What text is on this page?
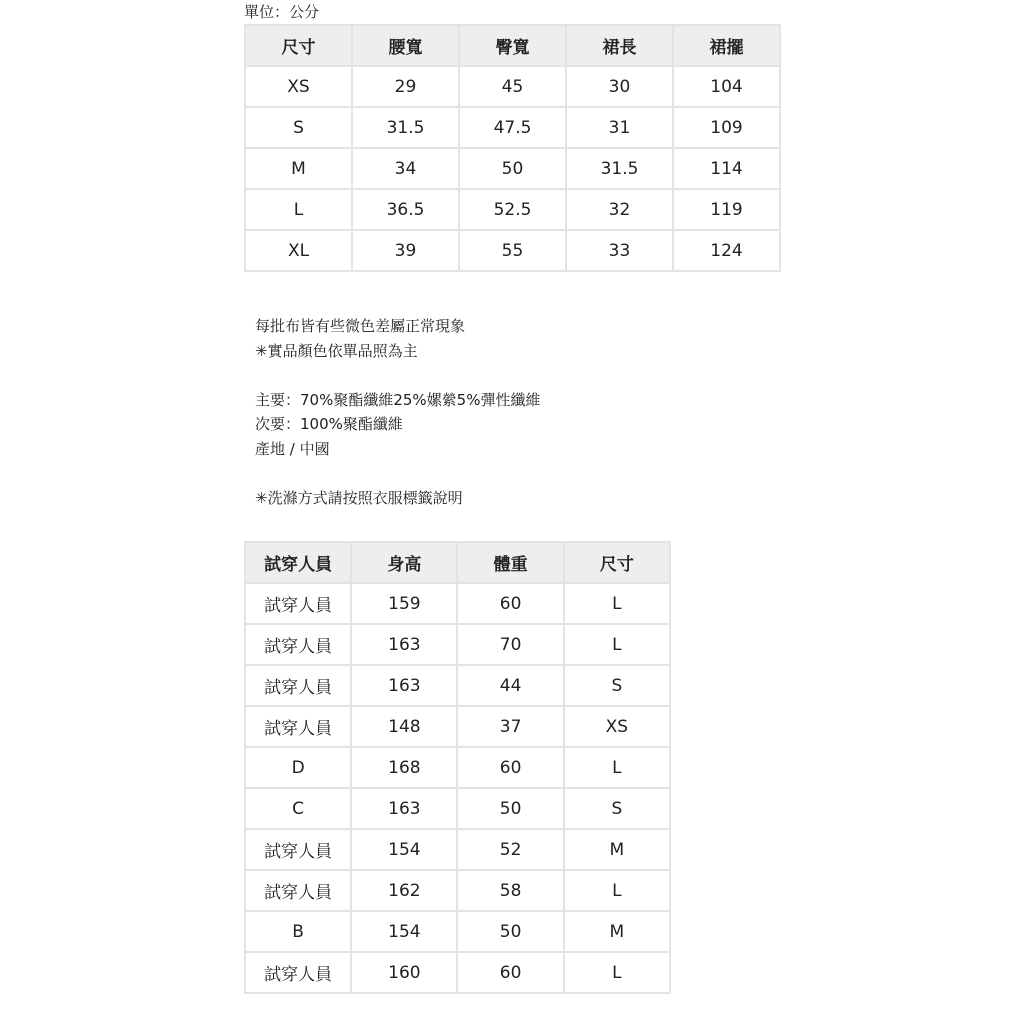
單位：公分
尺寸	腰寬	臀寬	裙長	裙擺
XS	29	45	30	104
S	31.5	47.5	31	109
M	34	50	31.5	114
L	36.5	52.5	32	119
XL	39	55	33	124
每批布皆有些微色差屬正常現象
✳實品顏色依單品照為主
主要：70%聚酯纖維25%嫘縈5%彈性纖維
次要：100%聚酯纖維
產地 / 中國
✳洗滌方式請按照衣服標籤說明
試穿人員	身高	體重	尺寸
試穿人員	159	60	L
試穿人員	163	70	L
試穿人員	163	44	S
試穿人員	148	37	XS
D	168	60	L
C	163	50	S
試穿人員	154	52	M
試穿人員	162	58	L
B	154	50	M
試穿人員	160	60	L
